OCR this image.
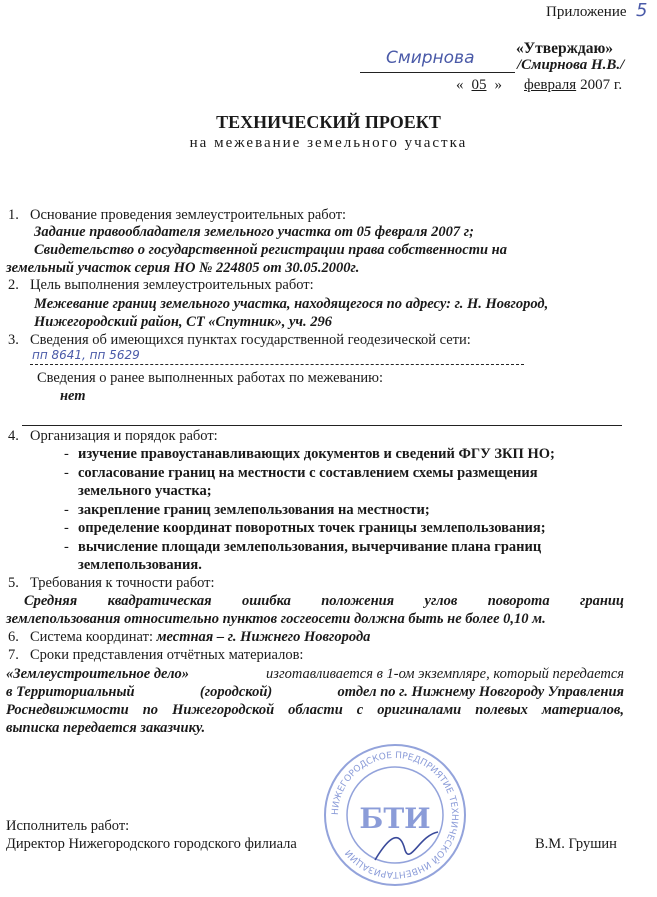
Приложение 5
«Утверждаю»
Смирнова	/Смирнова Н.В./
« 05 » февраля 2007 г.
ТЕХНИЧЕСКИЙ ПРОЕКТ
на межевание земельного участка
1. Основание проведения землеустроительных работ:
Задание правообладателя земельного участка от 05 февраля 2007 г;
Свидетельство о государственной регистрации права собственности на
земельный участок серия НО № 224805 от 30.05.2000г.
2. Цель выполнения землеустроительных работ:
Межевание границ земельного участка, находящегося по адресу: г. Н. Новгород,
Нижегородский район, СТ «Спутник», уч. 296
3. Сведения об имеющихся пунктах государственной геодезической сети:
пп 8641, пп 5629
Сведения о ранее выполненных работах по межеванию:
нет
4. Организация и порядок работ:
- изучение правоустанавливающих документов и сведений ФГУ ЗКП НО;
- согласование границ на местности с составлением схемы размещения
земельного участка;
- закрепление границ землепользования на местности;
- определение координат поворотных точек границы землепользования;
- вычисление площади землепользования, вычерчивание плана границ
землепользования.
5. Требования к точности работ:
Средняя квадратическая ошибка положения углов поворота границ
землепользования относительно пунктов госгеосети должна быть не более 0,10 м.
6. Система координат: местная – г. Нижнего Новгорода
7. Сроки представления отчётных материалов:
«Землеустроительное дело»	изготавливается в 1-ом экземпляре, который передается
в Территориальный	(городской)	отдел по г. Нижнему Новгороду Управления
Роснедвижимости по Нижегородской области с оригиналами полевых материалов,
выписка передается заказчику.
НИЖЕГОРОДСКОЕ ПРЕДПРИЯТИЕ ТЕХНИЧЕСКОЙ ИНВЕНТАРИЗАЦИИ
БТИ
Исполнитель работ:
Директор Нижегородского городского филиала	В.М. Грушин
